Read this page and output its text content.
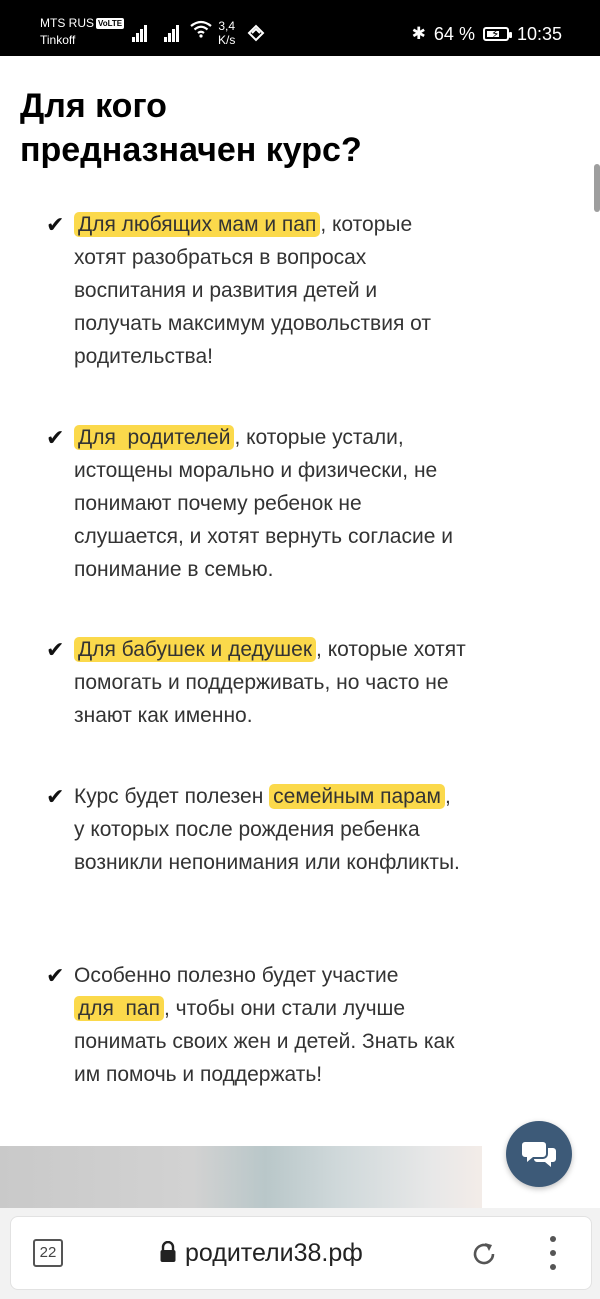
MTS RUS VoLTE
Tinkoff
3,4
K/s	✱ 64 % ⚡ 10:35
Для кого
предназначен курс?
✔ Для любящих мам и пап , которые хотят разобраться в вопросах воспитания и развития детей и получать максимум удовольствия от родительства!
✔ Для  родителей , которые устали, истощены морально и физически, не понимают почему ребенок не слушается, и хотят вернуть согласие и понимание в семью.
✔ Для бабушек и дедушек , которые хотят помогать и поддерживать, но часто не знают как именно.
✔ Курс будет полезен семейным парам , у которых после рождения ребенка возникли непонимания или конфликты.
✔ Особенно полезно будет участие для  пап , чтобы они стали лучше понимать своих жен и детей. Знать как им помочь и поддержать!
22	родители38.рф
